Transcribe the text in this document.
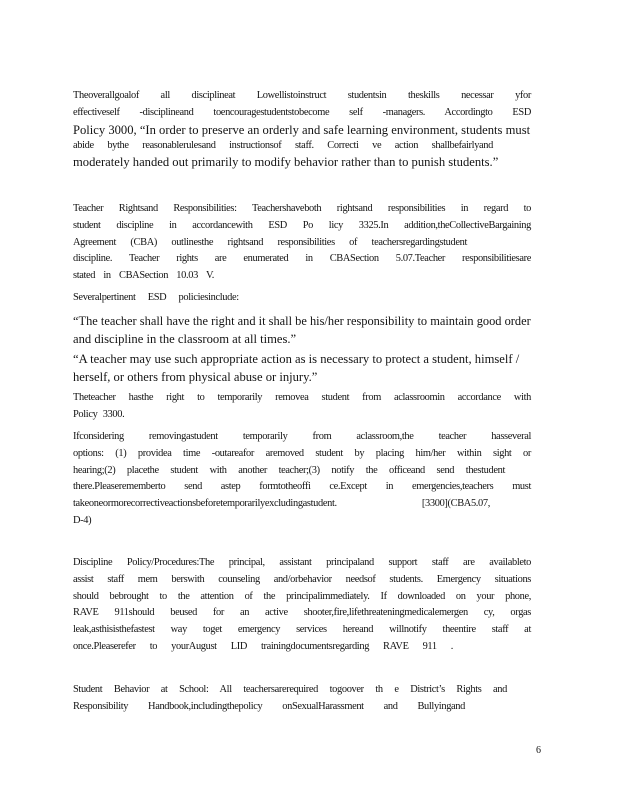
Theoverallgoalof all disciplineat Lowellistoinstruct studentsin theskills necessar yfor
effectiveself -disciplineand toencouragestudentstobecome self -managers. Accordingto ESD
Policy 3000, “In order to preserve an orderly and safe learning environment, students must
abide bythe reasonablerulesand instructionsof staff. Correcti ve action shallbefairlyand
moderately handed out primarily to modify behavior rather than to punish students.”
Teacher Rightsand Responsibilities: Teachershaveboth rightsand responsibilities in regard to
student discipline in accordancewith ESD Po licy 3325.In addition,theCollectiveBargaining
Agreement (CBA) outlinesthe rightsand responsibilities of teachersregardingstudent
discipline. Teacher rights are enumerated in CBASection 5.07.Teacher responsibilitiesare
stated in CBASection 10.03 V.
Severalpertinent ESD policiesinclude:
“The teacher shall have the right and it shall be his/her responsibility to maintain good order
and discipline in the classroom at all times.”
“A teacher may use such appropriate action as is necessary to protect a student, himself /
herself, or others from physical abuse or injury.”
Theteacher hasthe right to temporarily removea student from aclassroomin accordance with
Policy 3300.
Ifconsidering removingastudent temporarily from aclassroom,the teacher hasseveral
options: (1) providea time -outareafor aremoved student by placing him/her within sight or
hearing;(2) placethe student with another teacher;(3) notify the officeand send thestudent
there.Pleaserememberto send astep formtotheoffi ce.Except in emergencies,teachers must
takeoneormorecorrectiveactionsbeforetemporarilyexcludingastudent. [3300](CBA5.07,
D-4)
Discipline Policy/Procedures:The principal, assistant principaland support staff are availableto
assist staff mem berswith counseling and/orbehavior needsof students. Emergency situations
should bebrought to the attention of the principalimmediately. If downloaded on your phone,
RAVE 911should beused for an active shooter,fire,lifethreateningmedicalemergen cy, orgas
leak,asthisisthefastest way toget emergency services hereand willnotify theentire staff at
once.Pleaserefer to yourAugust LID trainingdocumentsregarding RAVE 911 .
Student Behavior at School: All teachersarerequired togoover th e District’s Rights and
Responsibility Handbook,includingthepolicy onSexualHarassment and Bullyingand
6
